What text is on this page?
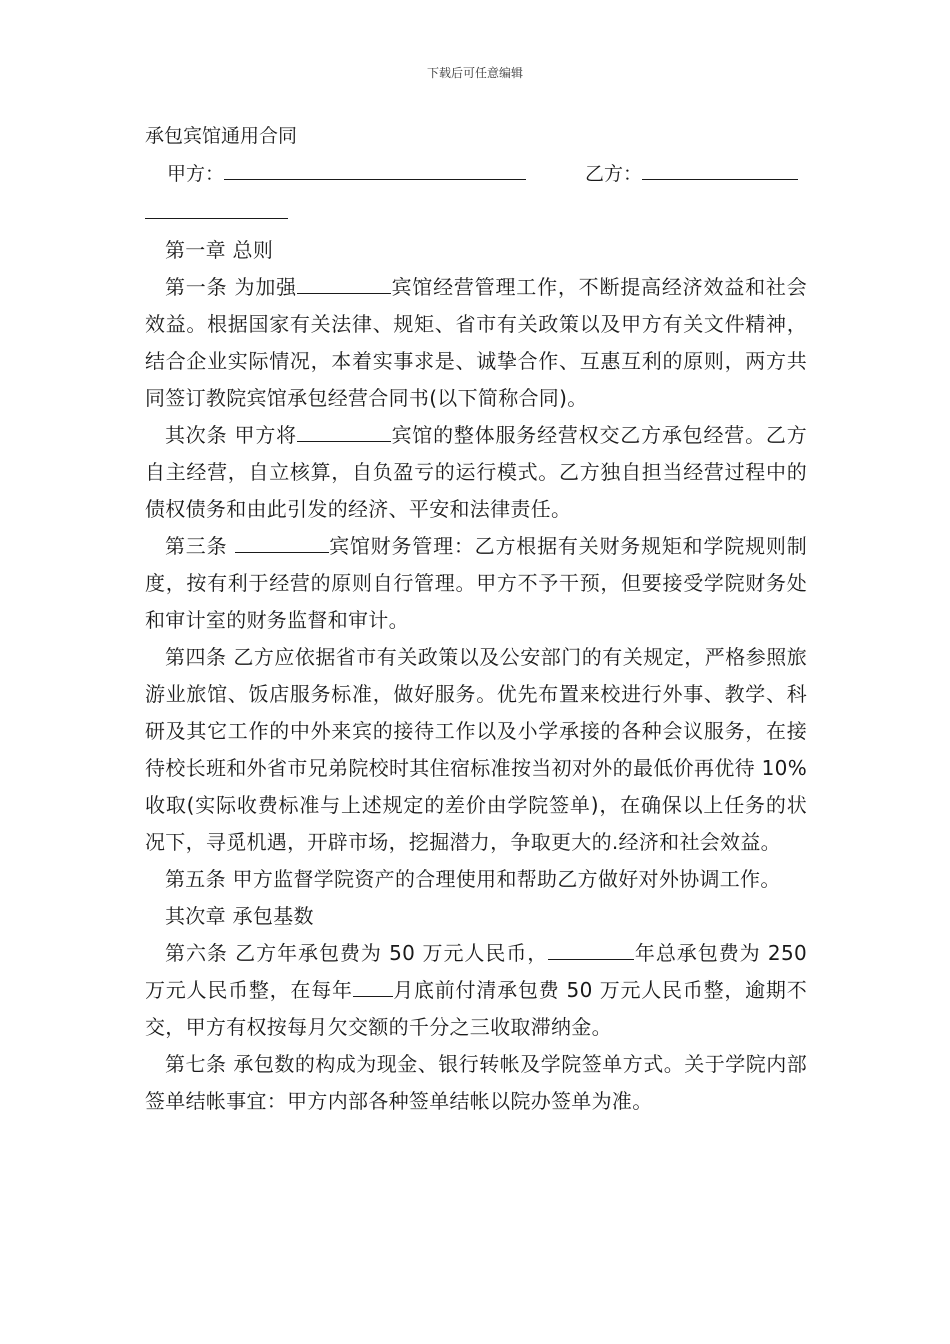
下载后可任意编辑
承包宾馆通用合同
甲方：	乙方：

第一章 总则

第一条 为加强	宾馆经营管理工作，不断提高经济效益和社会效益。根据国家有关法律、规矩、省市有关政策以及甲方有关文件精神，结合企业实际情况，本着实事求是、诚挚合作、互惠互利的原则，两方共同签订教院宾馆承包经营合同书(以下简称合同)。

其次条 甲方将	宾馆的整体服务经营权交乙方承包经营。乙方自主经营，自立核算，自负盈亏的运行模式。乙方独自担当经营过程中的债权债务和由此引发的经济、平安和法律责任。

第三条	宾馆财务管理：乙方根据有关财务规矩和学院规则制度，按有利于经营的原则自行管理。甲方不予干预，但要接受学院财务处和审计室的财务监督和审计。

第四条 乙方应依据省市有关政策以及公安部门的有关规定，严格参照旅游业旅馆、饭店服务标准，做好服务。优先布置来校进行外事、教学、科研及其它工作的中外来宾的接待工作以及小学承接的各种会议服务，在接待校长班和外省市兄弟院校时其住宿标准按当初对外的最低价再优待 10%收取(实际收费标准与上述规定的差价由学院签单)，在确保以上任务的状况下，寻觅机遇，开辟市场，挖掘潜力，争取更大的.经济和社会效益。

第五条 甲方监督学院资产的合理使用和帮助乙方做好对外协调工作。

其次章 承包基数

第六条 乙方年承包费为 50 万元人民币，	年总承包费为 250 万元人民币整，在每年 月底前付清承包费 50 万元人民币整，逾期不交，甲方有权按每月欠交额的千分之三收取滞纳金。

第七条 承包数的构成为现金、银行转帐及学院签单方式。关于学院内部签单结帐事宜：甲方内部各种签单结帐以院办签单为准。
